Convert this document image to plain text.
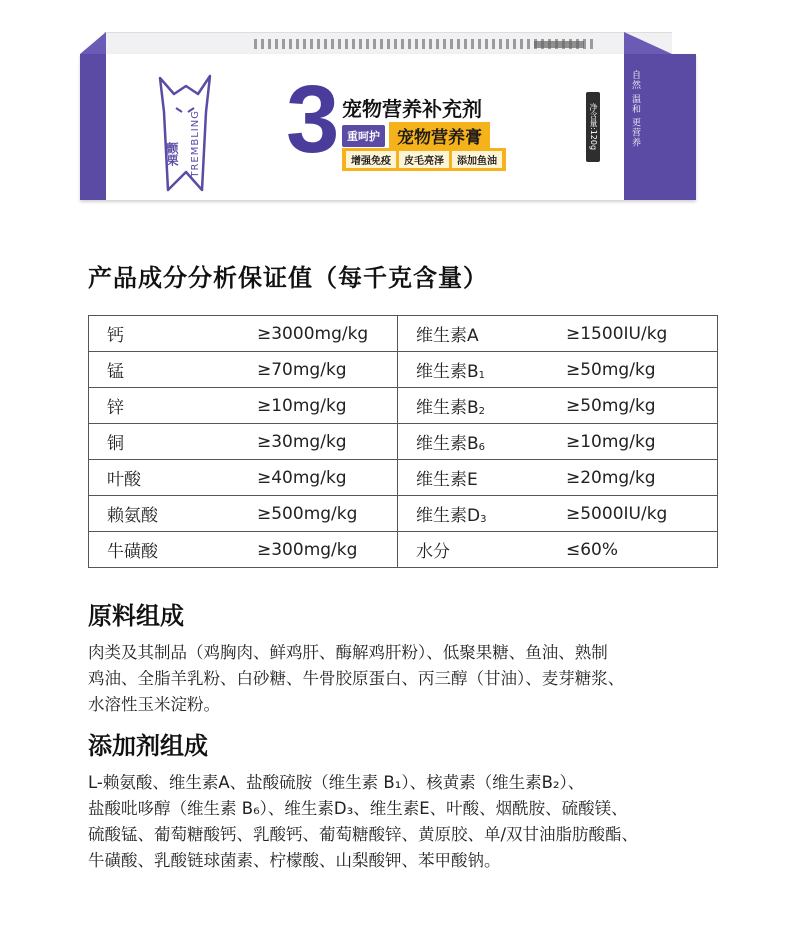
自然 温和 更营养
颤栗 TREMBLING 3 宠物营养补充剂
重呵护	宠物营养膏
增强免疫	皮毛亮泽	添加鱼油
净含量:120g
产品成分分析保证值（每千克含量）
钙	≥3000mg/kg	维生素A	≥1500IU/kg
锰	≥70mg/kg	维生素$B_1$	≥50mg/kg
锌	≥10mg/kg	维生素$B_2$	≥50mg/kg
铜	≥30mg/kg	维生素$B_6$	≥10mg/kg
叶酸	≥40mg/kg	维生素E	≥20mg/kg
赖氨酸	≥500mg/kg	维生素$D_3$	≥5000IU/kg
牛磺酸	≥300mg/kg	水分	≤60%
原料组成
肉类及其制品（鸡胸肉、鲜鸡肝、酶解鸡肝粉）、低聚果糖、鱼油、熟制
鸡油、全脂羊乳粉、白砂糖、牛骨胶原蛋白、丙三醇（甘油）、麦芽糖浆、
水溶性玉米淀粉。
添加剂组成
L-赖氨酸、维生素A、盐酸硫胺（维生素 B₁）、核黄素（维生素B₂）、
盐酸吡哆醇（维生素 B₆）、维生素D₃、维生素E、叶酸、烟酰胺、硫酸镁、
硫酸锰、葡萄糖酸钙、乳酸钙、葡萄糖酸锌、黄原胶、单/双甘油脂肪酸酯、
牛磺酸、乳酸链球菌素、柠檬酸、山梨酸钾、苯甲酸钠。
